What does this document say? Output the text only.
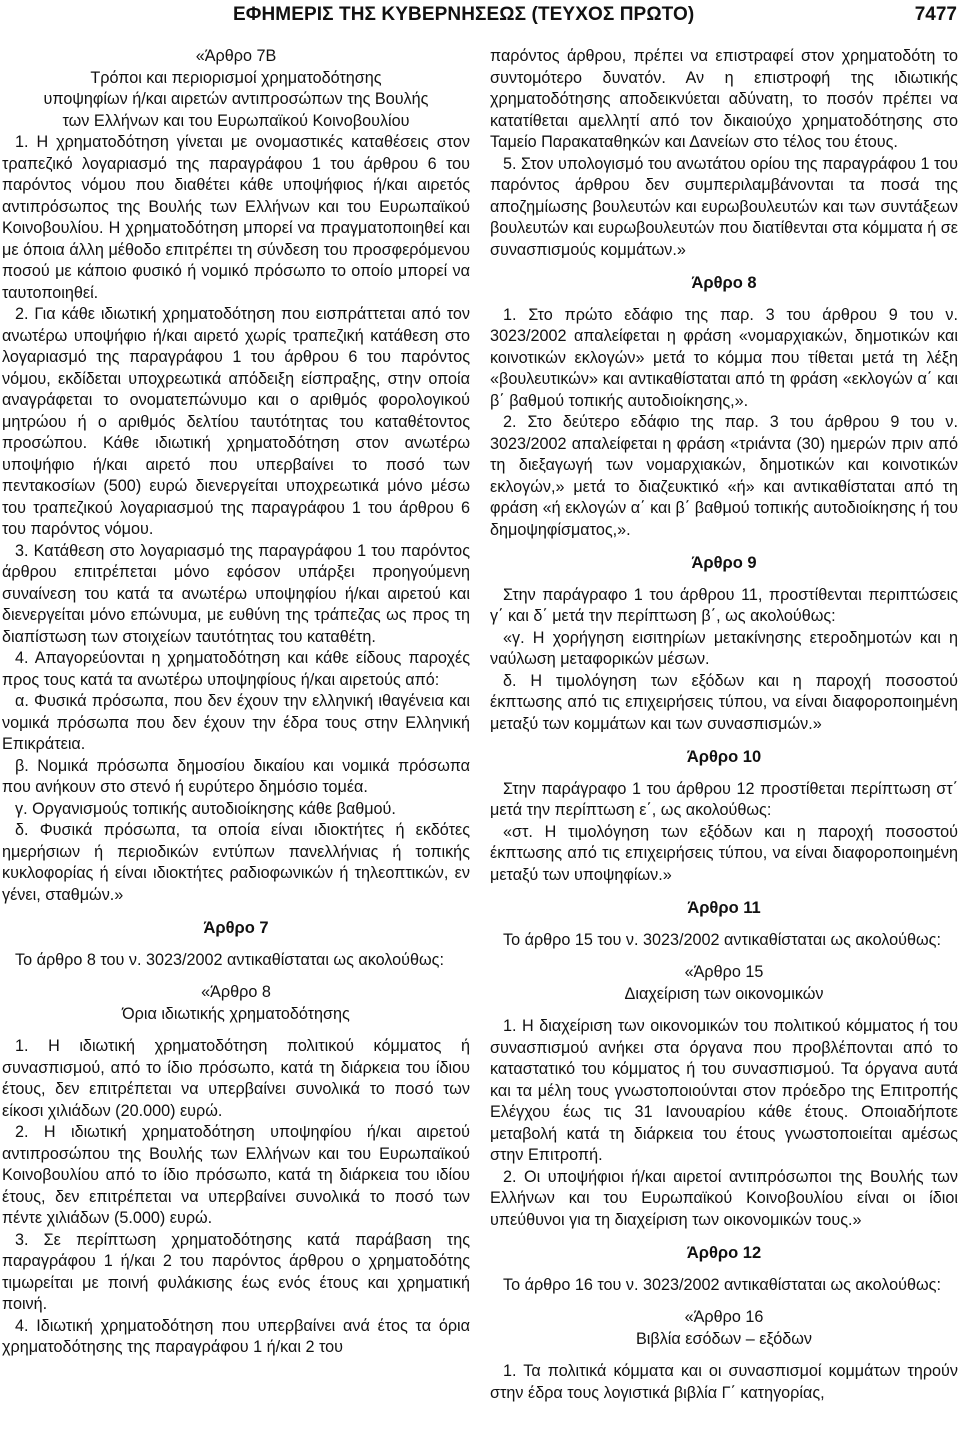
ΕΦΗΜΕΡΙΣ ΤΗΣ ΚΥΒΕΡΝΗΣΕΩΣ (ΤΕΥΧΟΣ ΠΡΩΤΟ)	7477

«Άρθρο 7Β

Τρόποι και περιορισμοί χρηματοδότησης

υποψηφίων ή/και αιρετών αντιπροσώπων της Βουλής

των Ελλήνων και του Ευρωπαϊκού Κοινοβουλίου

1. Η χρηματοδότηση γίνεται με ονομαστικές καταθέσεις στον τραπεζικό λογαριασμό της παραγράφου 1 του άρθρου 6 του παρόντος νόμου που διαθέτει κάθε υποψήφιος ή/και αιρετός αντιπρόσωπος της Βουλής των Ελλήνων και του Ευρωπαϊκού Κοινοβουλίου. Η χρηματοδότηση μπορεί να πραγματοποιηθεί και με όποια άλλη μέθοδο επιτρέπει τη σύνδεση του προσφερόμενου ποσού με κάποιο φυσικό ή νομικό πρόσωπο το οποίο μπορεί να ταυτοποιηθεί.

2. Για κάθε ιδιωτική χρηματοδότηση που εισπράττεται από τον ανωτέρω υποψήφιο ή/και αιρετό χωρίς τραπεζική κατάθεση στο λογαριασμό της παραγράφου 1 του άρθρου 6 του παρόντος νόμου, εκδίδεται υποχρεωτικά απόδειξη είσπραξης, στην οποία αναγράφεται το ονοματεπώνυμο και ο αριθμός φορολογικού μητρώου ή ο αριθμός δελτίου ταυτότητας του καταθέτοντος προσώπου. Κάθε ιδιωτική χρηματοδότηση στον ανωτέρω υποψήφιο ή/και αιρετό που υπερβαίνει το ποσό των πεντακοσίων (500) ευρώ διενεργείται υποχρεωτικά μόνο μέσω του τραπεζικού λογαριασμού της παραγράφου 1 του άρθρου 6 του παρόντος νόμου.

3. Κατάθεση στο λογαριασμό της παραγράφου 1 του παρόντος άρθρου επιτρέπεται μόνο εφόσον υπάρξει προηγούμενη συναίνεση του κατά τα ανωτέρω υποψηφίου ή/και αιρετού και διενεργείται μόνο επώνυμα, με ευθύνη της τράπεζας ως προς τη διαπίστωση των στοιχείων ταυτότητας του καταθέτη.

4. Απαγορεύονται η χρηματοδότηση και κάθε είδους παροχές προς τους κατά τα ανωτέρω υποψηφίους ή/και αιρετούς από:

α. Φυσικά πρόσωπα, που δεν έχουν την ελληνική ιθαγένεια και νομικά πρόσωπα που δεν έχουν την έδρα τους στην Ελληνική Επικράτεια.

β. Νομικά πρόσωπα δημοσίου δικαίου και νομικά πρόσωπα που ανήκουν στο στενό ή ευρύτερο δημόσιο τομέα.

γ. Οργανισμούς τοπικής αυτοδιοίκησης κάθε βαθμού.

δ. Φυσικά πρόσωπα, τα οποία είναι ιδιοκτήτες ή εκδότες ημερήσιων ή περιοδικών εντύπων πανελλήνιας ή τοπικής κυκλοφορίας ή είναι ιδιοκτήτες ραδιοφωνικών ή τηλεοπτικών, εν γένει, σταθμών.»

Άρθρο 7

Το άρθρο 8 του ν. 3023/2002 αντικαθίσταται ως ακολούθως:

«Άρθρο 8

Όρια ιδιωτικής χρηματοδότησης

1. Η ιδιωτική χρηματοδότηση πολιτικού κόμματος ή συνασπισμού, από το ίδιο πρόσωπο, κατά τη διάρκεια του ίδιου έτους, δεν επιτρέπεται να υπερβαίνει συνολικά το ποσό των είκοσι χιλιάδων (20.000) ευρώ.

2. Η ιδιωτική χρηματοδότηση υποψηφίου ή/και αιρετού αντιπροσώπου της Βουλής των Ελλήνων και του Ευρωπαϊκού Κοινοβουλίου από το ίδιο πρόσωπο, κατά τη διάρκεια του ιδίου έτους, δεν επιτρέπεται να υπερβαίνει συνολικά το ποσό των πέντε χιλιάδων (5.000) ευρώ.

3. Σε περίπτωση χρηματοδότησης κατά παράβαση της παραγράφου 1 ή/και 2 του παρόντος άρθρου ο χρηματοδότης τιμωρείται με ποινή φυλάκισης έως ενός έτους και χρηματική ποινή.

4. Ιδιωτική χρηματοδότηση που υπερβαίνει ανά έτος τα όρια χρηματοδότησης της παραγράφου 1 ή/και 2 του

παρόντος άρθρου, πρέπει να επιστραφεί στον χρηματοδότη το συντομότερο δυνατόν. Αν η επιστροφή της ιδιωτικής χρηματοδότησης αποδεικνύεται αδύνατη, το ποσόν πρέπει να κατατίθεται αμελλητί από τον δικαιούχο χρηματοδότησης στο Ταμείο Παρακαταθηκών και Δανείων στο τέλος του έτους.

5. Στον υπολογισμό του ανωτάτου ορίου της παραγράφου 1 του παρόντος άρθρου δεν συμπεριλαμβάνονται τα ποσά της αποζημίωσης βουλευτών και ευρωβουλευτών και των συντάξεων βουλευτών και ευρωβουλευτών που διατίθενται στα κόμματα ή σε συνασπισμούς κομμάτων.»

Άρθρο 8

1. Στο πρώτο εδάφιο της παρ. 3 του άρθρου 9 του ν. 3023/2002 απαλείφεται η φράση «νομαρχιακών, δημοτικών και κοινοτικών εκλογών» μετά το κόμμα που τίθεται μετά τη λέξη «βουλευτικών» και αντικαθίσταται από τη φράση «εκλογών α΄ και β΄ βαθμού τοπικής αυτοδιοίκησης,».

2. Στο δεύτερο εδάφιο της παρ. 3 του άρθρου 9 του ν. 3023/2002 απαλείφεται η φράση «τριάντα (30) ημερών πριν από τη διεξαγωγή των νομαρχιακών, δημοτικών και κοινοτικών εκλογών,» μετά το διαζευκτικό «ή» και αντικαθίσταται από τη φράση «ή εκλογών α΄ και β΄ βαθμού τοπικής αυτοδιοίκησης ή του δημοψηφίσματος,».

Άρθρο 9

Στην παράγραφο 1 του άρθρου 11, προστίθενται περιπτώσεις γ΄ και δ΄ μετά την περίπτωση β΄, ως ακολούθως:

«γ. Η χορήγηση εισιτηρίων μετακίνησης ετεροδημοτών και η ναύλωση μεταφορικών μέσων.

δ. Η τιμολόγηση των εξόδων και η παροχή ποσοστού έκπτωσης από τις επιχειρήσεις τύπου, να είναι διαφοροποιημένη μεταξύ των κομμάτων και των συνασπισμών.»

Άρθρο 10

Στην παράγραφο 1 του άρθρου 12 προστίθεται περίπτωση στ΄ μετά την περίπτωση ε΄, ως ακολούθως:

«στ. Η τιμολόγηση των εξόδων και η παροχή ποσοστού έκπτωσης από τις επιχειρήσεις τύπου, να είναι διαφοροποιημένη μεταξύ των υποψηφίων.»

Άρθρο 11

Το άρθρο 15 του ν. 3023/2002 αντικαθίσταται ως ακολούθως:

«Άρθρο 15

Διαχείριση των οικονομικών

1. Η διαχείριση των οικονομικών του πολιτικού κόμματος ή του συνασπισμού ανήκει στα όργανα που προβλέπονται από το καταστατικό του κόμματος ή του συνασπισμού. Τα όργανα αυτά και τα μέλη τους γνωστοποιούνται στον πρόεδρο της Επιτροπής Ελέγχου έως τις 31 Ιανουαρίου κάθε έτους. Οποιαδήποτε μεταβολή κατά τη διάρκεια του έτους γνωστοποιείται αμέσως στην Επιτροπή.

2. Οι υποψήφιοι ή/και αιρετοί αντιπρόσωποι της Βουλής των Ελλήνων και του Ευρωπαϊκού Κοινοβουλίου είναι οι ίδιοι υπεύθυνοι για τη διαχείριση των οικονομικών τους.»

Άρθρο 12

Το άρθρο 16 του ν. 3023/2002 αντικαθίσταται ως ακολούθως:

«Άρθρο 16

Βιβλία εσόδων – εξόδων

1. Τα πολιτικά κόμματα και οι συνασπισμοί κομμάτων τηρούν στην έδρα τους λογιστικά βιβλία Γ΄ κατηγορίας,
